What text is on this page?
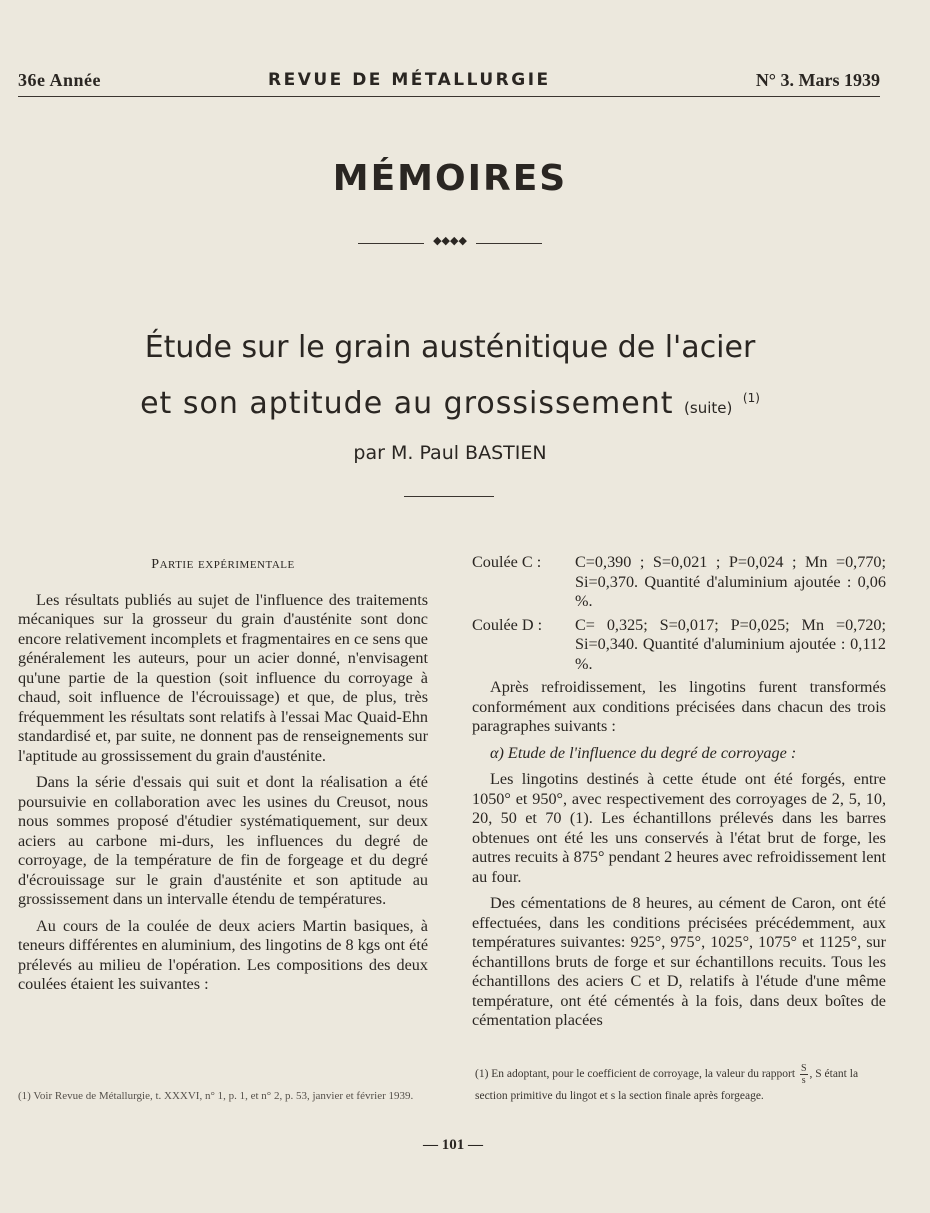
36e Année	REVUE DE MÉTALLURGIE	N° 3. Mars 1939
MÉMOIRES
◆◆◆◆
Étude sur le grain austénitique de l'acier
et son aptitude au grossissement (suite) $^{(1)}$
par M. Paul BASTIEN
Partie expérimentale

Les résultats publiés au sujet de l'influence des traitements mécaniques sur la grosseur du grain d'austénite sont donc encore relativement incomplets et fragmentaires en ce sens que généralement les auteurs, pour un acier donné, n'envisagent qu'une partie de la question (soit influence du corroyage à chaud, soit influence de l'écrouissage) et que, de plus, très fréquemment les résultats sont relatifs à l'essai Mac Quaid-Ehn standardisé et, par suite, ne donnent pas de renseignements sur l'aptitude au grossissement du grain d'austénite.

Dans la série d'essais qui suit et dont la réalisation a été poursuivie en collaboration avec les usines du Creusot, nous nous sommes proposé d'étudier systématiquement, sur deux aciers au carbone mi-durs, les influences du degré de corroyage, de la température de fin de forgeage et du degré d'écrouissage sur le grain d'austénite et son aptitude au grossissement dans un intervalle étendu de températures.

Au cours de la coulée de deux aciers Martin basiques, à teneurs différentes en aluminium, des lingotins de 8 kgs ont été prélevés au milieu de l'opération. Les compositions des deux coulées étaient les suivantes :

(1) Voir Revue de Métallurgie, t. XXXVI, n° 1, p. 1, et n° 2, p. 53, janvier et février 1939.
Coulée C :	C=0,390 ; S=0,021 ; P=0,024 ; Mn =0,770; Si=0,370. Quantité d'aluminium ajoutée : 0,06 %.
Coulée D :	C= 0,325; S=0,017; P=0,025; Mn =0,720; Si=0,340. Quantité d'aluminium ajoutée : 0,112 %.

Après refroidissement, les lingotins furent transformés conformément aux conditions précisées dans chacun des trois paragraphes suivants :

α) Etude de l'influence du degré de corroyage :

Les lingotins destinés à cette étude ont été forgés, entre 1050° et 950°, avec respectivement des corroyages de 2, 5, 10, 20, 50 et 70 (1). Les échantillons prélevés dans les barres obtenues ont été les uns conservés à l'état brut de forge, les autres recuits à 875° pendant 2 heures avec refroidissement lent au four.

Des cémentations de 8 heures, au cément de Caron, ont été effectuées, dans les conditions précisées précédemment, aux températures suivantes: 925°, 975°, 1025°, 1075° et 1125°, sur échantillons bruts de forge et sur échantillons recuits. Tous les échantillons des aciers C et D, relatifs à l'étude d'une même température, ont été cémentés à la fois, dans deux boîtes de cémentation placées

(1) En adoptant, pour le coefficient de corroyage, la valeur du rapport $\frac{S}{s}$ , S étant la section primitive du lingot et s la section finale après forgeage.
— 101 —
